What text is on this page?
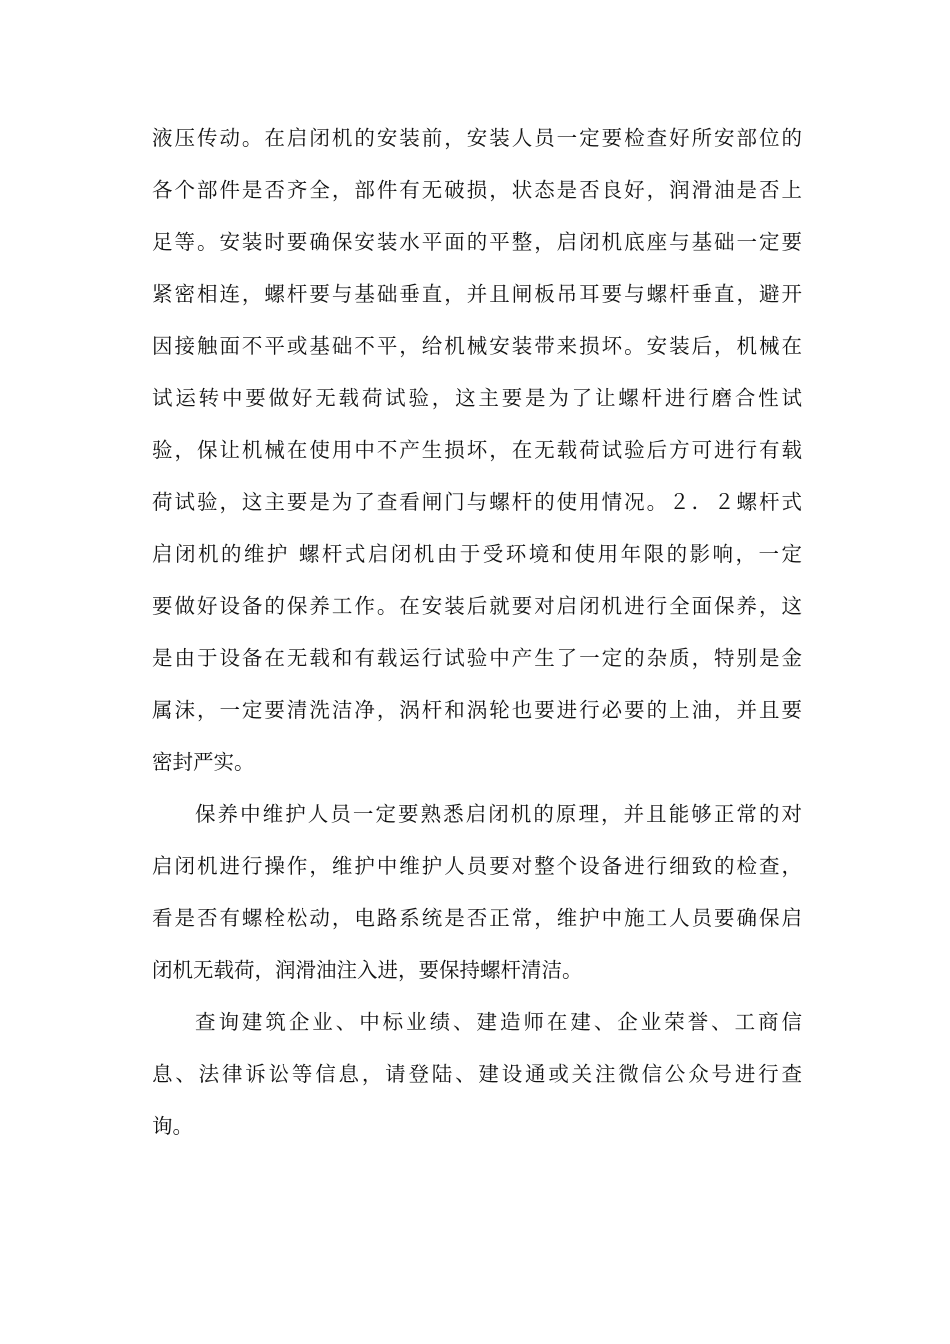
液压传动。在启闭机的安装前，安装人员一定要检查好所安部位的
各个部件是否齐全，部件有无破损，状态是否良好，润滑油是否上
足等。安装时要确保安装水平面的平整，启闭机底座与基础一定要
紧密相连，螺杆要与基础垂直，并且闸板吊耳要与螺杆垂直，避开
因接触面不平或基础不平，给机械安装带来损坏。安装后，机械在
试运转中要做好无载荷试验，这主要是为了让螺杆进行磨合性试
验，保让机械在使用中不产生损坏，在无载荷试验后方可进行有载
荷试验，这主要是为了查看闸门与螺杆的使用情况。２．２螺杆式
启闭机的维护 螺杆式启闭机由于受环境和使用年限的影响，一定
要做好设备的保养工作。在安装后就要对启闭机进行全面保养，这
是由于设备在无载和有载运行试验中产生了一定的杂质，特别是金
属沫，一定要清洗洁净，涡杆和涡轮也要进行必要的上油，并且要
密封严实。
保养中维护人员一定要熟悉启闭机的原理，并且能够正常的对
启闭机进行操作，维护中维护人员要对整个设备进行细致的检查，
看是否有螺栓松动，电路系统是否正常，维护中施工人员要确保启
闭机无载荷，润滑油注入进，要保持螺杆清洁。
查询建筑企业、中标业绩、建造师在建、企业荣誉、工商信
息、法律诉讼等信息，请登陆、建设通或关注微信公众号进行查
询。
